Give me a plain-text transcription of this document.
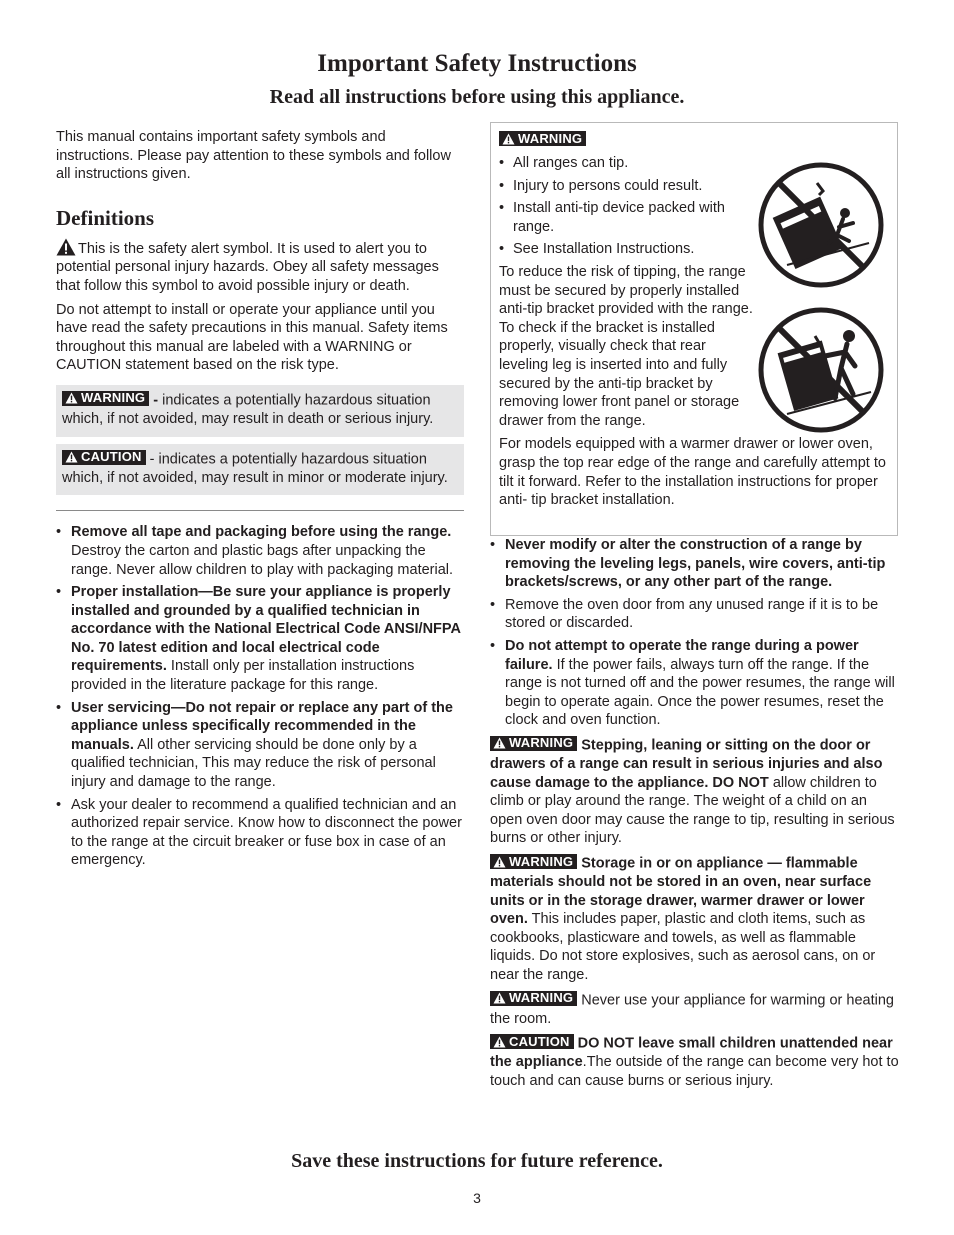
Important Safety Instructions
Read all instructions before using this appliance.

This manual contains important safety symbols and instructions. Please pay attention to these symbols and follow all instructions given.

Definitions

This is the safety alert symbol. It is used to alert you to potential personal injury hazards. Obey all safety messages that follow this symbol to avoid possible injury or death.

Do not attempt to install or operate your appliance until you have read the safety precautions in this manual. Safety items throughout this manual are labeled with a WARNING or CAUTION statement based on the risk type.

WARNING - indicates a potentially hazardous situation which, if not avoided, may result in death or serious injury.
CAUTION - indicates a potentially hazardous situation which, if not avoided, may result in minor or moderate injury.
• Remove all tape and packaging before using the range. Destroy the carton and plastic bags after unpacking the range. Never allow children to play with packaging material.
• Proper installation—Be sure your appliance is properly installed and grounded by a qualified technician in accordance with the National Electrical Code ANSI/NFPA No. 70 latest edition and local electrical code requirements. Install only per installation instructions provided in the literature package for this range.
• User servicing—Do not repair or replace any part of the appliance unless specifically recommended in the manuals. All other servicing should be done only by a qualified technician, This may reduce the risk of personal injury and damage to the range.
• Ask your dealer to recommend a qualified technician and an authorized repair service. Know how to disconnect the power to the range at the circuit breaker or fuse box in case of an emergency.
WARNING
• All ranges can tip.
• Injury to persons could result.
• Install anti-tip device packed with range.
• See Installation Instructions.

To reduce the risk of tipping, the range must be secured by properly installed anti-tip bracket provided with the range. To check if the bracket is installed properly, visually check that rear leveling leg is inserted into and fully secured by the anti-tip bracket by removing lower front panel or storage drawer from the range.

For models equipped with a warmer drawer or lower oven, grasp the top rear edge of the range and carefully attempt to tilt it forward. Refer to the installation instructions for proper anti- tip bracket installation.

• Never modify or alter the construction of a range by removing the leveling legs, panels, wire covers, anti-tip brackets/screws, or any other part of the range.
• Remove the oven door from any unused range if it is to be stored or discarded.
• Do not attempt to operate the range during a power failure. If the power fails, always turn off the range. If the range is not turned off and the power resumes, the range will begin to operate again. Once the power resumes, reset the clock and oven function.

WARNING Stepping, leaning or sitting on the door or drawers of a range can result in serious injuries and also cause damage to the appliance. DO NOT allow children to climb or play around the range. The weight of a child on an open oven door may cause the range to tip, resulting in serious burns or other injury.

WARNING Storage in or on appliance — flammable materials should not be stored in an oven, near surface units or in the storage drawer, warmer drawer or lower oven. This includes paper, plastic and cloth items, such as cookbooks, plasticware and towels, as well as flammable liquids. Do not store explosives, such as aerosol cans, on or near the range.

WARNING Never use your appliance for warming or heating the room.

CAUTION DO NOT leave small children unattended near the appliance.The outside of the range can become very hot to touch and can cause burns or serious injury.

Save these instructions for future reference.
3
